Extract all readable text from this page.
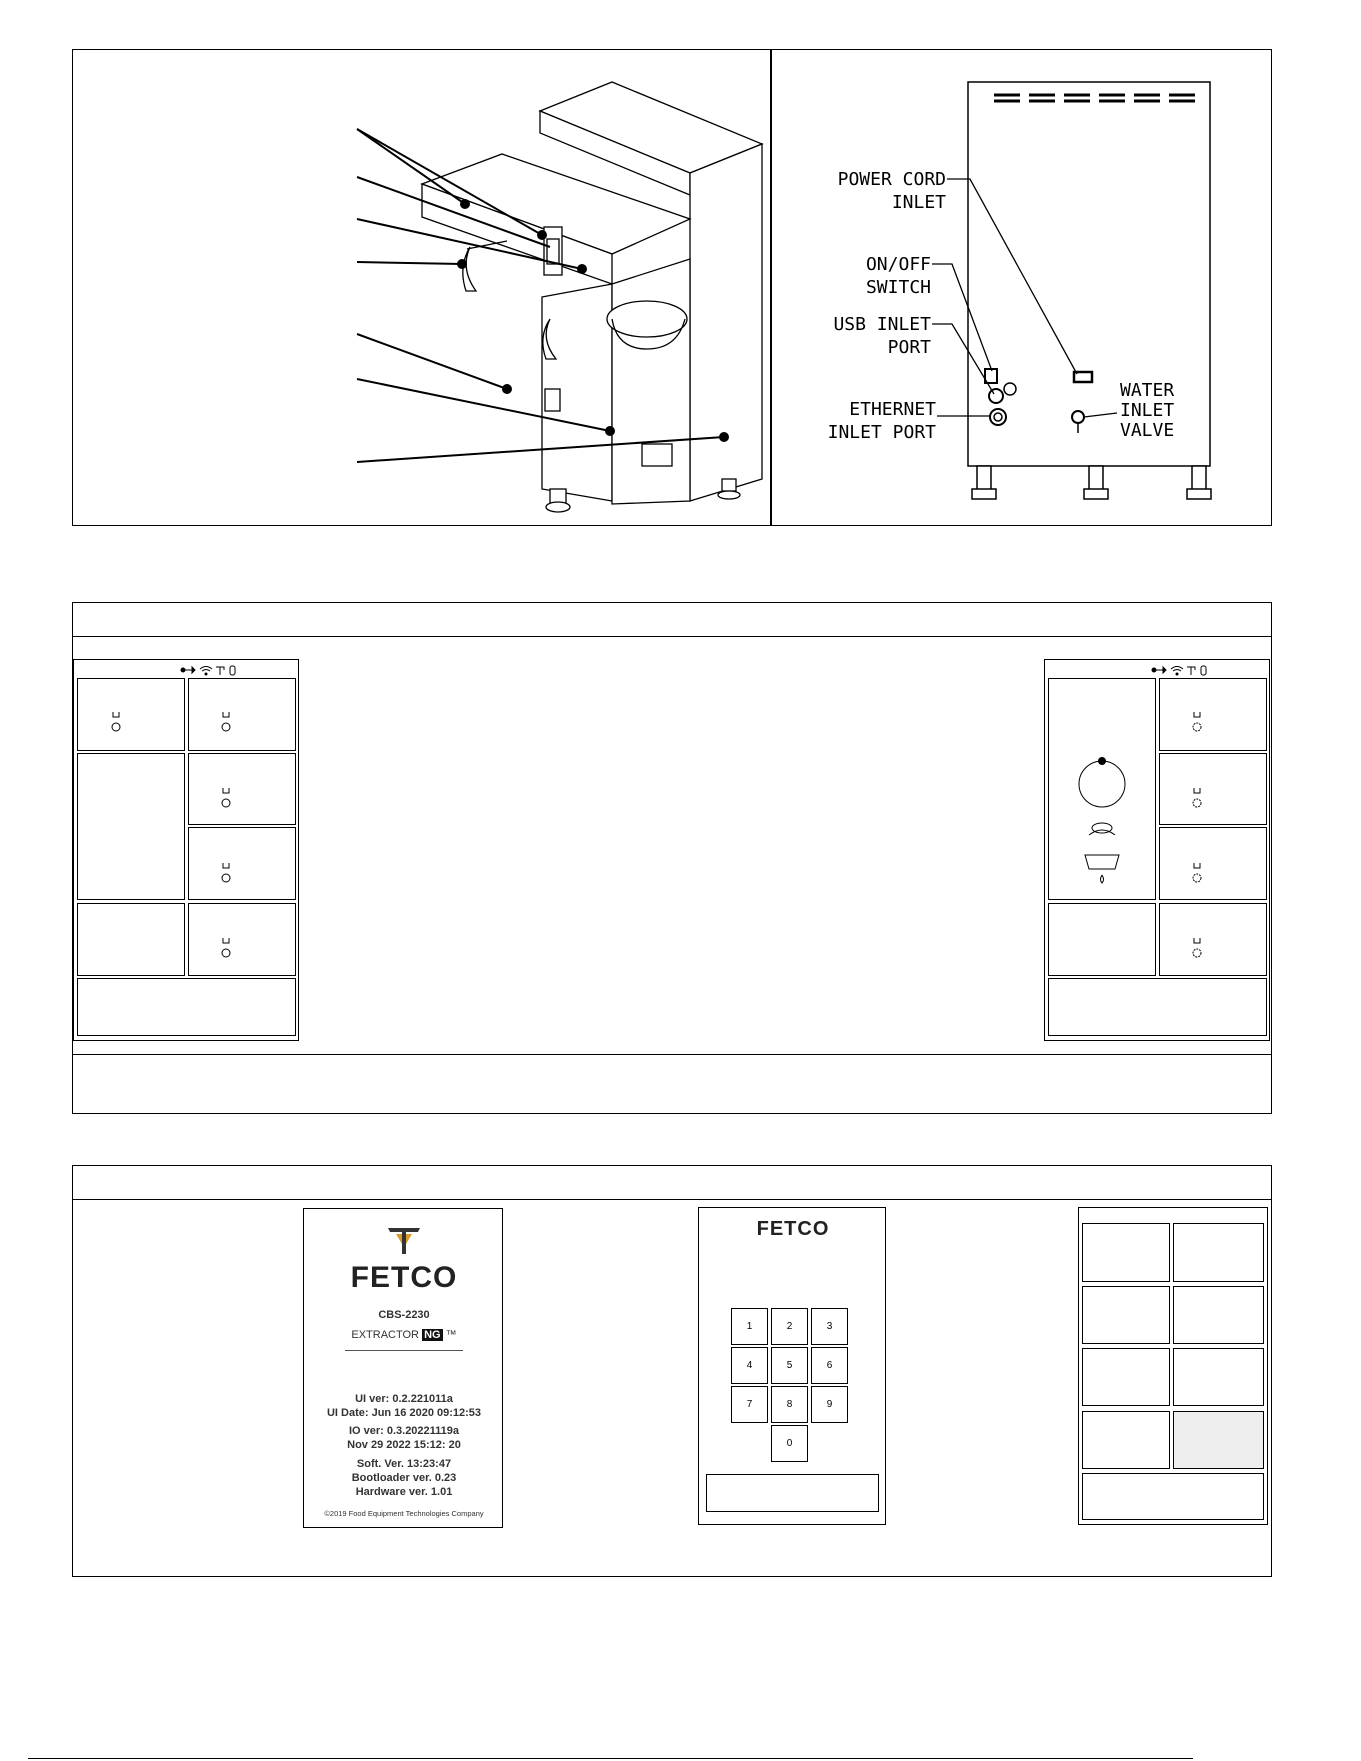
POWER CORD
INLET
ON/OFF
SWITCH
USB INLET
PORT
ETHERNET
INLET PORT
WATER
INLET
VALVE
FETCO
CBS-2230
EXTRACTOR NG ™
UI ver: 0.2.221011a
UI Date: Jun 16 2020 09:12:53
IO ver: 0.3.20221119a
Nov 29 2022 15:12: 20
Soft. Ver. 13:23:47
Bootloader ver. 0.23
Hardware ver. 1.01
©2019 Food Equipment Technologies Company
FETCO
1	2	3
4	5	6
7	8	9
0
